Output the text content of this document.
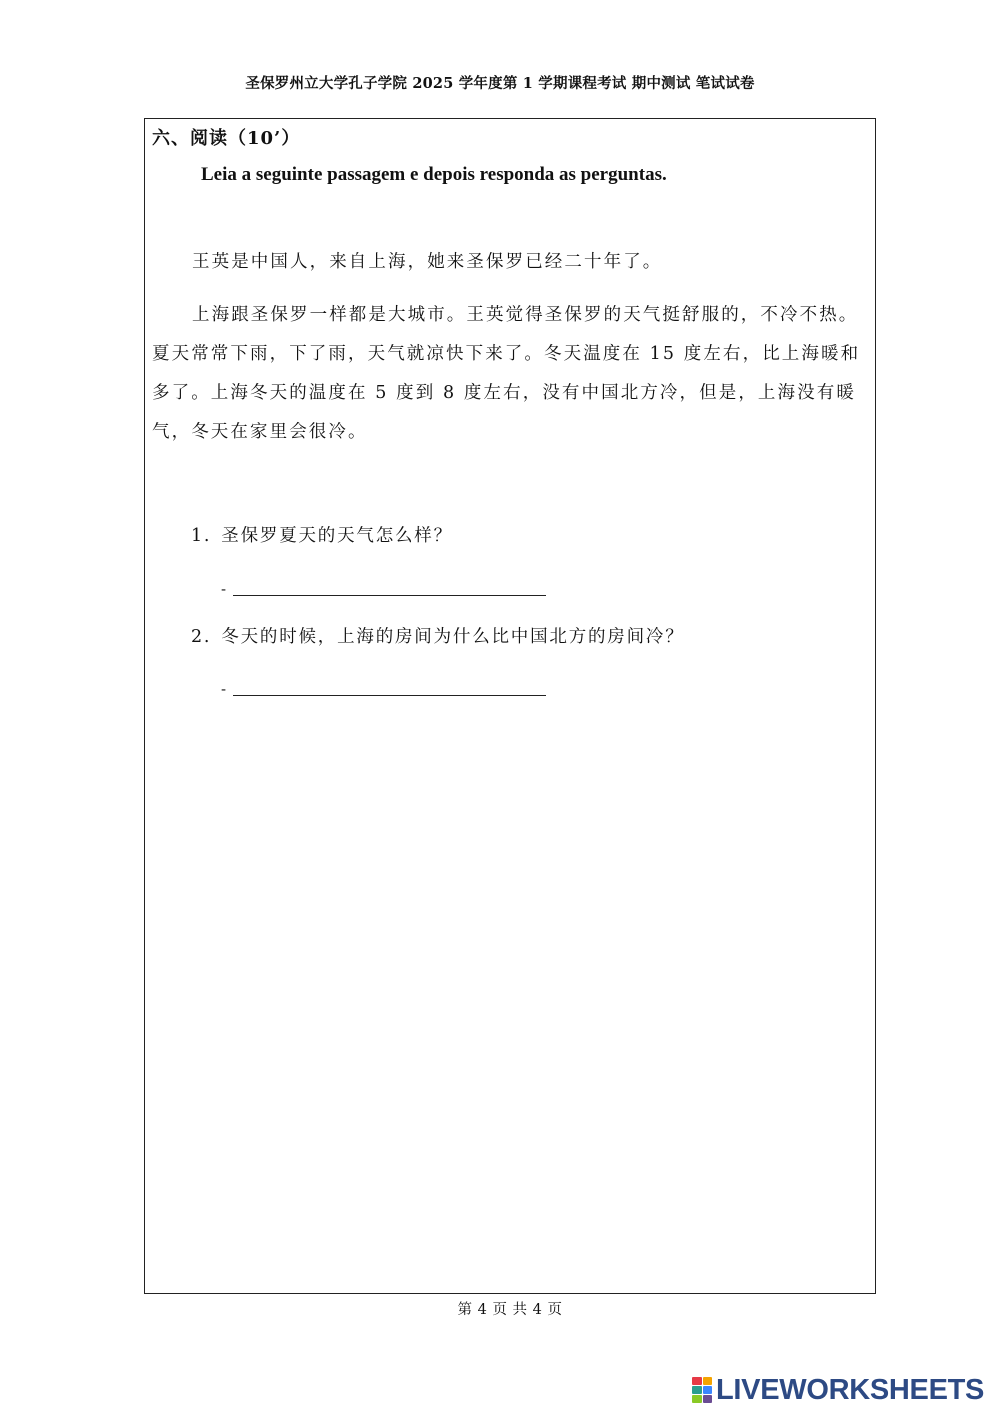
圣保罗州立大学孔子学院 2025 学年度第 1 学期课程考试 期中测试 笔试试卷
六、阅读（10’）
Leia a seguinte passagem e depois responda as perguntas.

王英是中国人，来自上海，她来圣保罗已经二十年了。

上海跟圣保罗一样都是大城市。王英觉得圣保罗的天气挺舒服的，不冷不热。夏天常常下雨，下了雨，天气就凉快下来了。冬天温度在 15 度左右，比上海暖和多了。上海冬天的温度在 5 度到 8 度左右，没有中国北方冷，但是，上海没有暖气，冬天在家里会很冷。

1. 圣保罗夏天的天气怎么样？
-
2. 冬天的时候，上海的房间为什么比中国北方的房间冷？
-
第 4 页 共 4 页
LIVEWORKSHEETS
